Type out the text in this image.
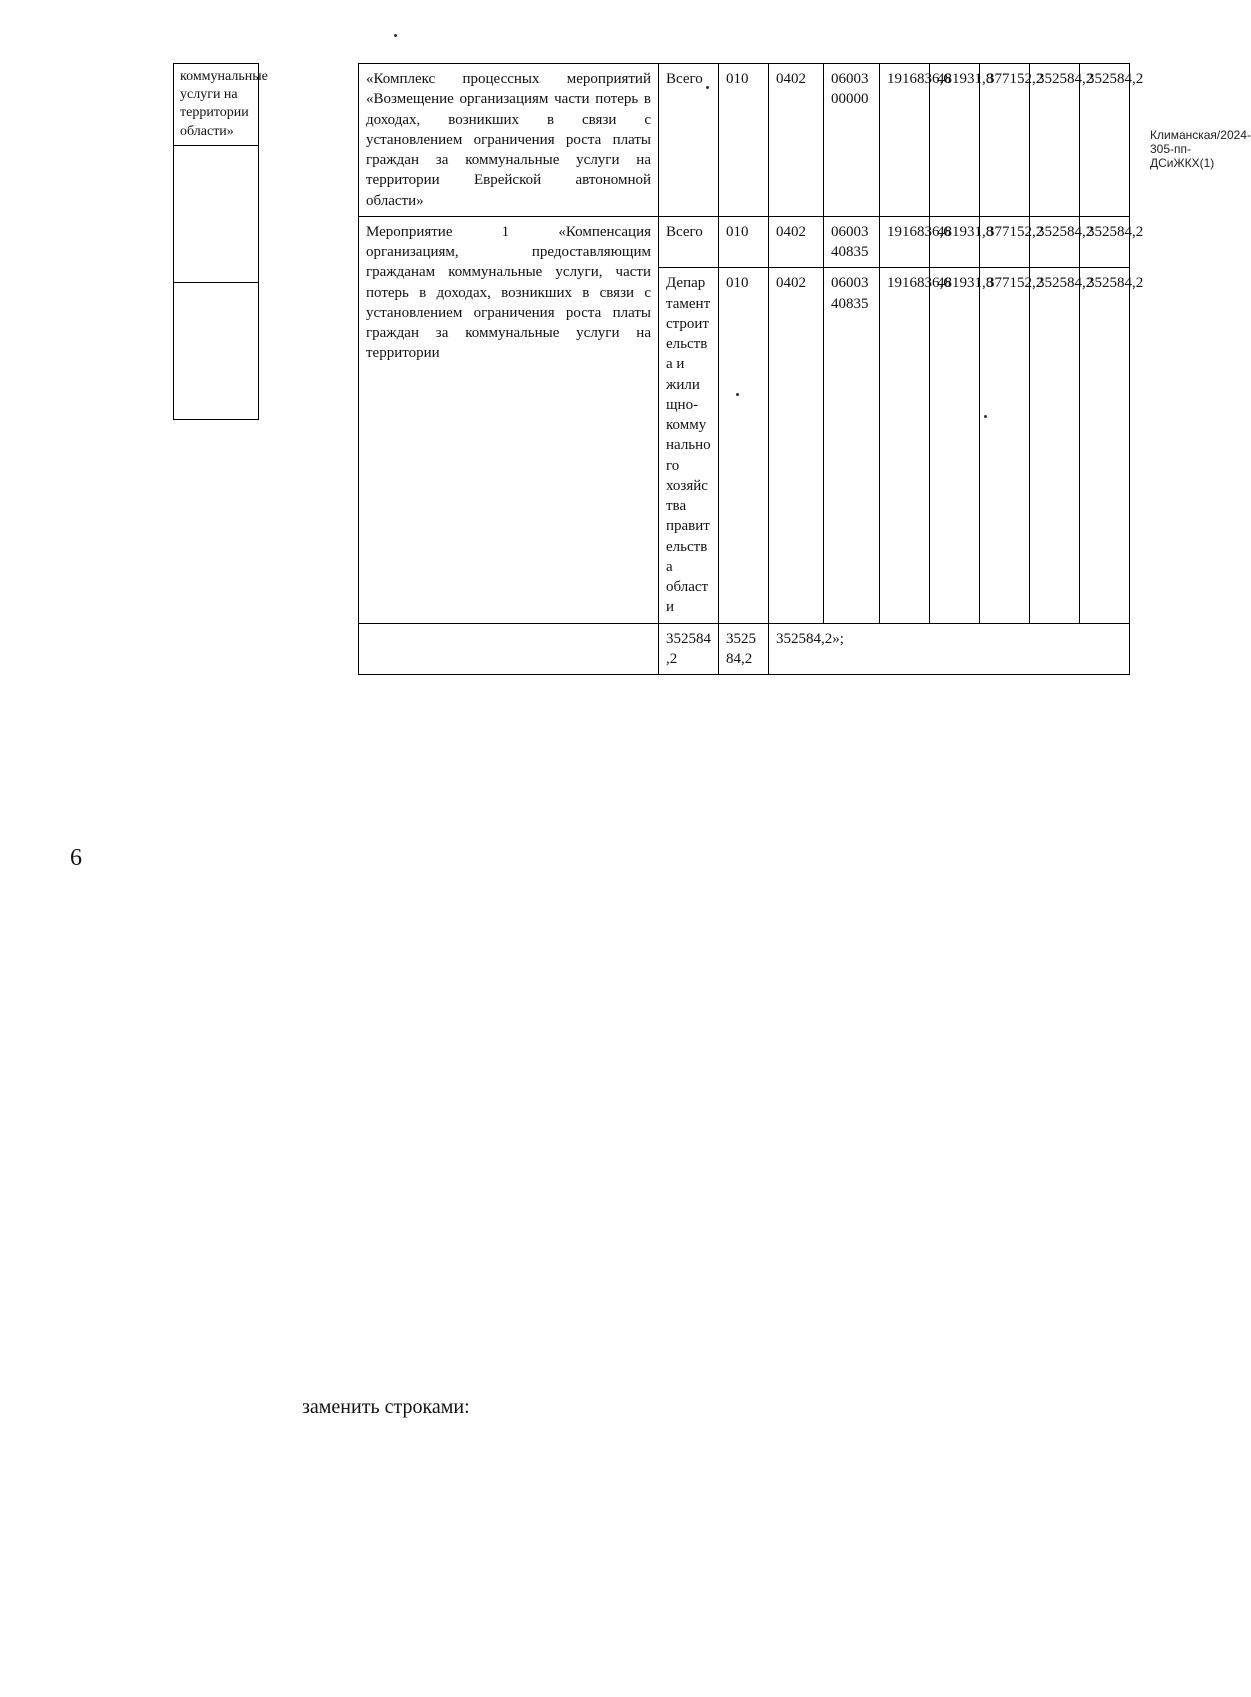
6
Климанская/2024-305-пп-ДСиЖКХ(1)
коммунальные услуги на территории области»

заменить строками:
«Комплекс процессных мероприятий «Возмещение организациям части потерь в доходах, возникших в связи с установлением ограничения роста платы граждан за коммунальные услуги на территории Еврейской автономной области»	Всего	010	0402	0600300000	1916836,6	481931,8	377152,2	352584,2	352584,2
Мероприятие 1 «Компенсация организациям, предоставляющим гражданам коммунальные услуги, части потерь в доходах, возникших в связи с установлением ограничения роста платы граждан за коммунальные услуги на территории	Всего	010	0402	0600340835	1916836,6	481931,8	377152,2	352584,2	352584,2
	Департамент строительства и жилищно-коммунального хозяйства правительства области	010	0402	0600340835	1916836,6	481931,8	377152,2	352584,2	352584,2
	352584,2	352584,2	352584,2»;						
